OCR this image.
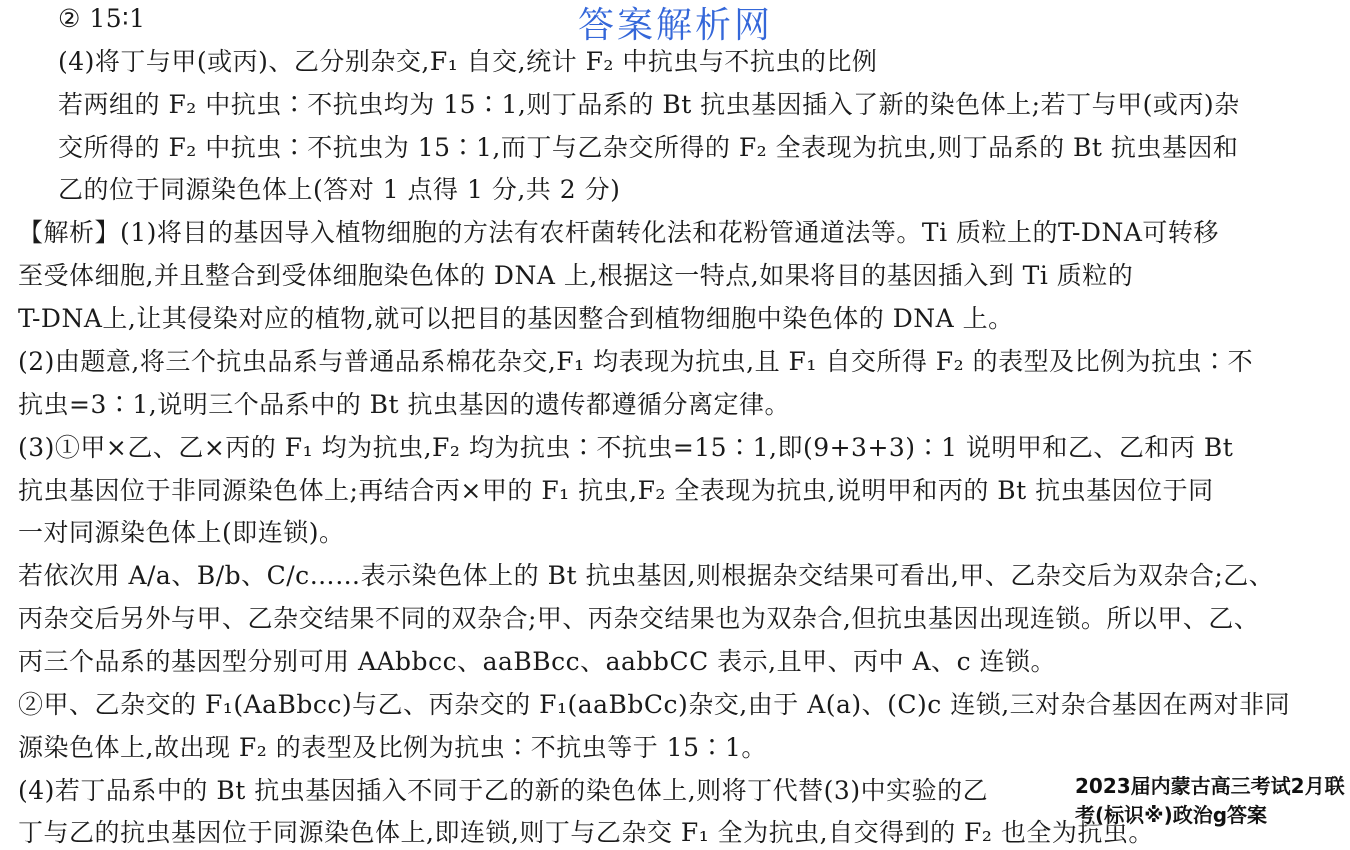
答案解析网
② 15∶1
(4)将丁与甲(或丙)、乙分别杂交,F₁ 自交,统计 F₂ 中抗虫与不抗虫的比例
若两组的 F₂ 中抗虫∶不抗虫均为 15∶1,则丁品系的 Bt 抗虫基因插入了新的染色体上;若丁与甲(或丙)杂
交所得的 F₂ 中抗虫∶不抗虫为 15∶1,而丁与乙杂交所得的 F₂ 全表现为抗虫,则丁品系的 Bt 抗虫基因和
乙的位于同源染色体上(答对 1 点得 1 分,共 2 分)
【解析】(1)将目的基因导入植物细胞的方法有农杆菌转化法和花粉管通道法等。Ti 质粒上的T-DNA可转移
至受体细胞,并且整合到受体细胞染色体的 DNA 上,根据这一特点,如果将目的基因插入到 Ti 质粒的
T-DNA上,让其侵染对应的植物,就可以把目的基因整合到植物细胞中染色体的 DNA 上。
(2)由题意,将三个抗虫品系与普通品系棉花杂交,F₁ 均表现为抗虫,且 F₁ 自交所得 F₂ 的表型及比例为抗虫∶不
抗虫=3∶1,说明三个品系中的 Bt 抗虫基因的遗传都遵循分离定律。
(3)①甲×乙、乙×丙的 F₁ 均为抗虫,F₂ 均为抗虫∶不抗虫=15∶1,即(9+3+3)∶1 说明甲和乙、乙和丙 Bt
抗虫基因位于非同源染色体上;再结合丙×甲的 F₁ 抗虫,F₂ 全表现为抗虫,说明甲和丙的 Bt 抗虫基因位于同
一对同源染色体上(即连锁)。
若依次用 A/a、B/b、C/c……表示染色体上的 Bt 抗虫基因,则根据杂交结果可看出,甲、乙杂交后为双杂合;乙、
丙杂交后另外与甲、乙杂交结果不同的双杂合;甲、丙杂交结果也为双杂合,但抗虫基因出现连锁。所以甲、乙、
丙三个品系的基因型分别可用 AAbbcc、aaBBcc、aabbCC 表示,且甲、丙中 A、c 连锁。
②甲、乙杂交的 F₁(AaBbcc)与乙、丙杂交的 F₁(aaBbCc)杂交,由于 A(a)、(C)c 连锁,三对杂合基因在两对非同
源染色体上,故出现 F₂ 的表型及比例为抗虫∶不抗虫等于 15∶1。
(4)若丁品系中的 Bt 抗虫基因插入不同于乙的新的染色体上,则将丁代替(3)中实验的乙
丁与乙的抗虫基因位于同源染色体上,即连锁,则丁与乙杂交 F₁ 全为抗虫,自交得到的 F₂ 也全为抗虫。
2023届内蒙古高三考试2月联
考(标识※)政治g答案
